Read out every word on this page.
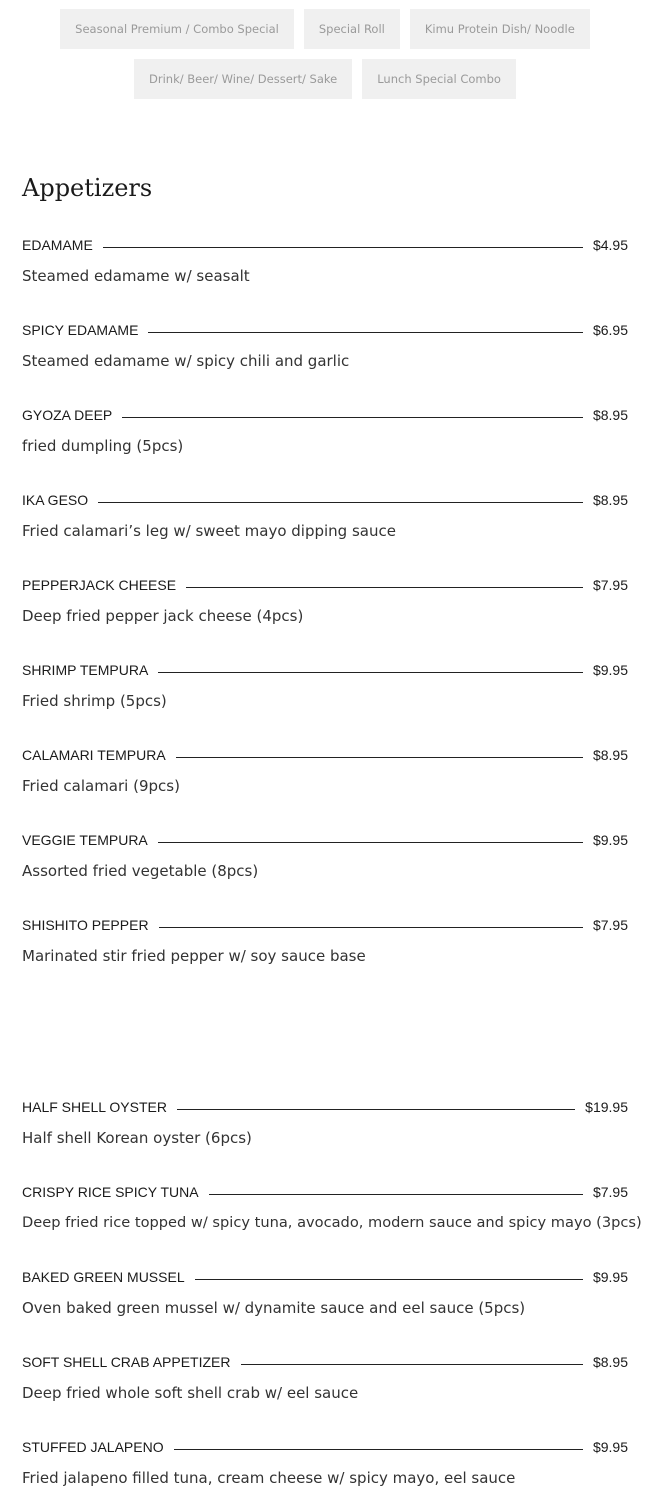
Seasonal Premium / Combo Special	Special Roll	Kimu Protein Dish/ Noodle
Drink/ Beer/ Wine/ Dessert/ Sake	Lunch Special Combo
Appetizers
EDAMAME	$4.95
Steamed edamame w/ seasalt
SPICY EDAMAME	$6.95
Steamed edamame w/ spicy chili and garlic
GYOZA DEEP	$8.95
fried dumpling (5pcs)
IKA GESO	$8.95
Fried calamari’s leg w/ sweet mayo dipping sauce
PEPPERJACK CHEESE	$7.95
Deep fried pepper jack cheese (4pcs)
SHRIMP TEMPURA	$9.95
Fried shrimp (5pcs)
CALAMARI TEMPURA	$8.95
Fried calamari (9pcs)
VEGGIE TEMPURA	$9.95
Assorted fried vegetable (8pcs)
SHISHITO PEPPER	$7.95
Marinated stir fried pepper w/ soy sauce base
HALF SHELL OYSTER	$19.95
Half shell Korean oyster (6pcs)
CRISPY RICE SPICY TUNA	$7.95
Deep fried rice topped w/ spicy tuna, avocado, modern sauce and spicy mayo (3pcs)
BAKED GREEN MUSSEL	$9.95
Oven baked green mussel w/ dynamite sauce and eel sauce (5pcs)
SOFT SHELL CRAB APPETIZER	$8.95
Deep fried whole soft shell crab w/ eel sauce
STUFFED JALAPENO	$9.95
Fried jalapeno filled tuna, cream cheese w/ spicy mayo, eel sauce
